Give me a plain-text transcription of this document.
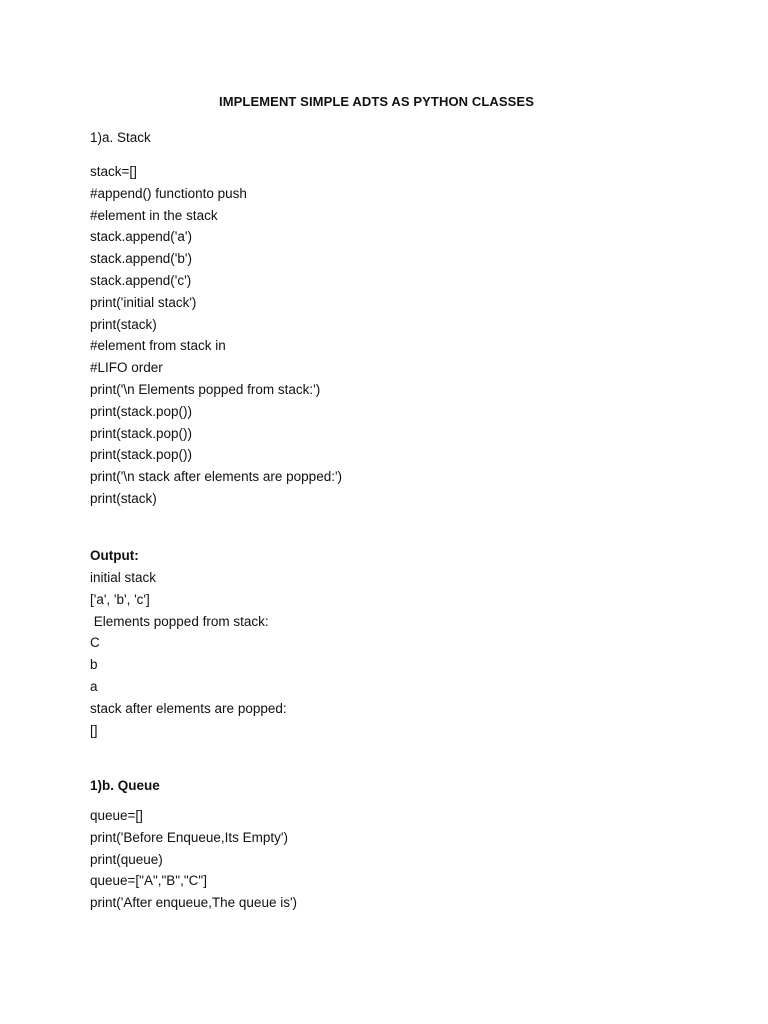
IMPLEMENT SIMPLE ADTS AS PYTHON CLASSES
1)a. Stack
stack=[]
#append() functionto push
#element in the stack
stack.append('a')
stack.append('b')
stack.append('c')
print('initial stack')
print(stack)
#element from stack in
#LIFO order
print('\n Elements popped from stack:')
print(stack.pop())
print(stack.pop())
print(stack.pop())
print('\n stack after elements are popped:')
print(stack)
Output:
initial stack
['a', 'b', 'c']
Elements popped from stack:
C
b
a
stack after elements are popped:
[]
1)b. Queue
queue=[]
print('Before Enqueue,Its Empty')
print(queue)
queue=["A","B","C"]
print('After enqueue,The queue is')
